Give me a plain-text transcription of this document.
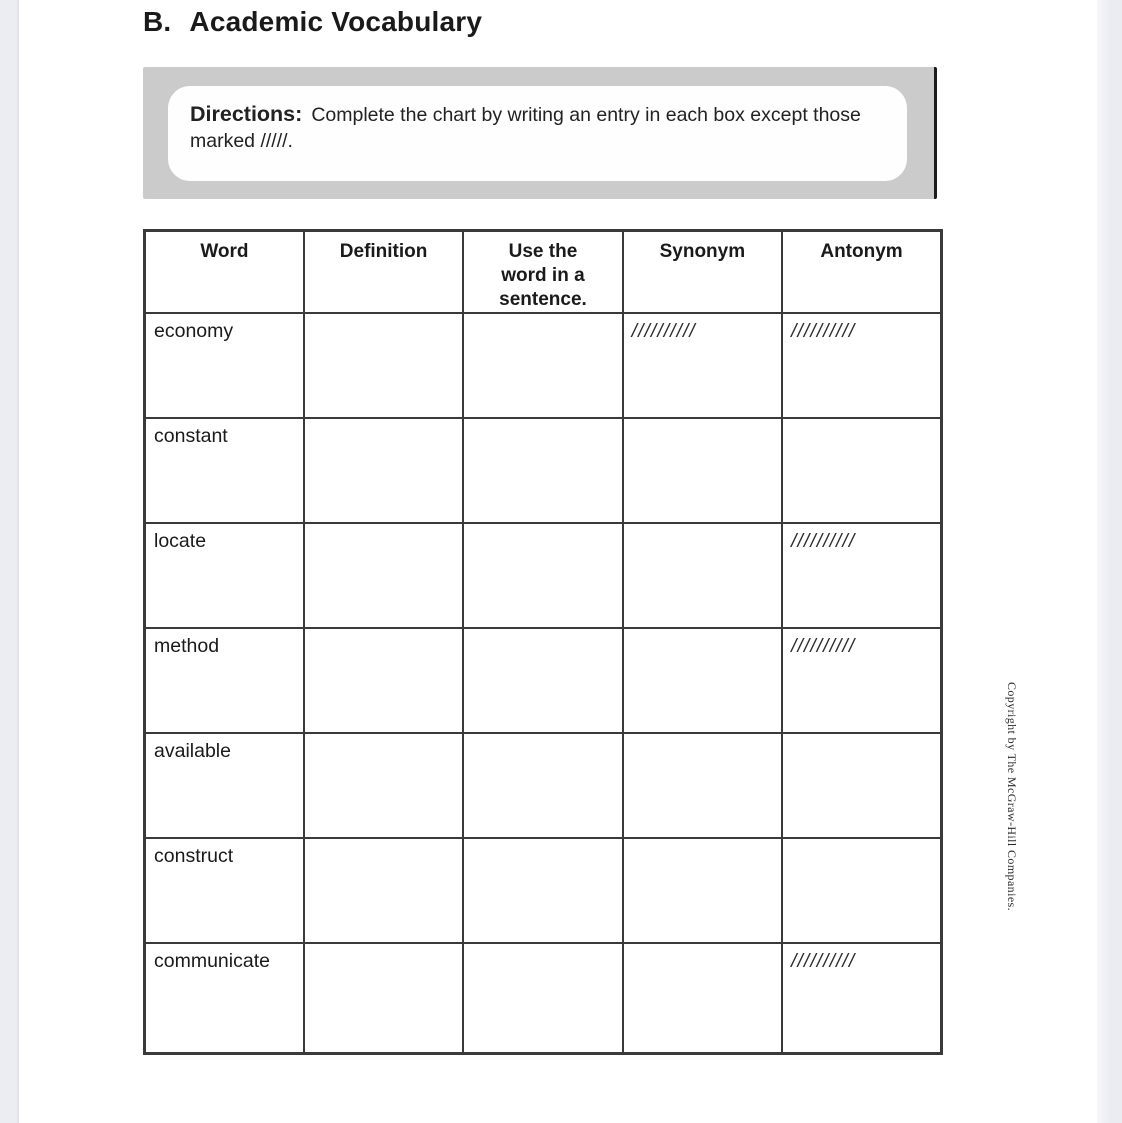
B. Academic Vocabulary
Directions: Complete the chart by writing an entry in each box except those marked /////.
Word	Definition	Use the word in a sentence.	Synonym	Antonym
economy			//////////	//////////
constant				
locate				//////////
method				//////////
available				
construct				
communicate				//////////
Copyright by The McGraw-Hill Companies.
